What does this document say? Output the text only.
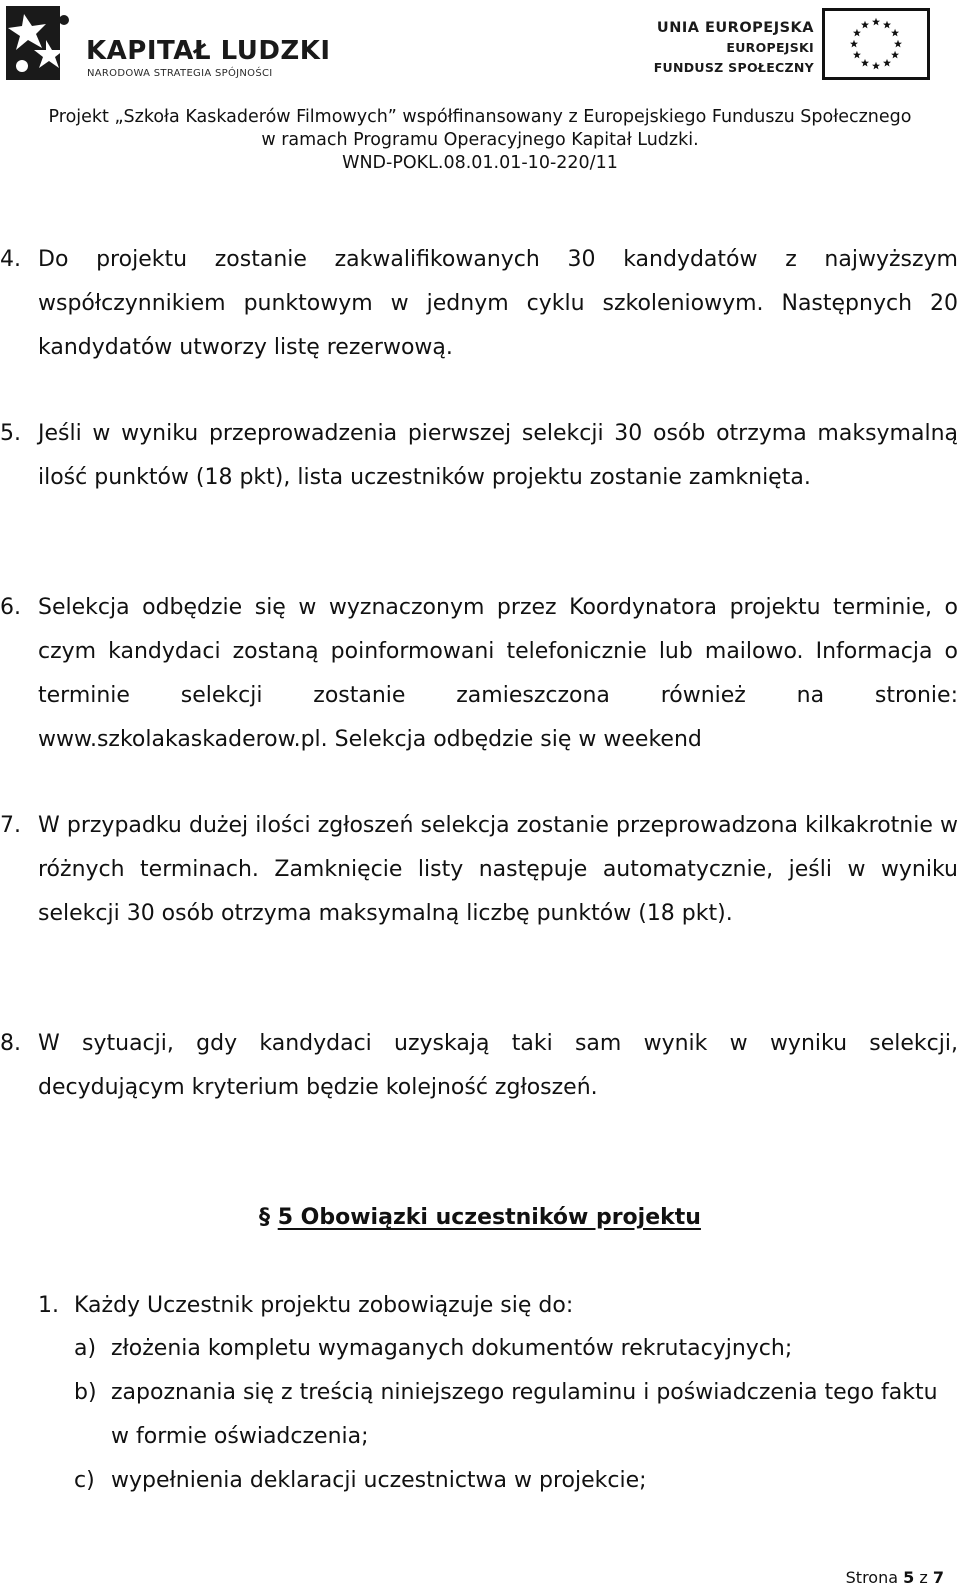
KAPITAŁ LUDZKI
NARODOWA STRATEGIA SPÓJNOŚCI
UNIA EUROPEJSKA
EUROPEJSKI
FUNDUSZ SPOŁECZNY
Projekt „Szkoła Kaskaderów Filmowych” współfinansowany z Europejskiego Funduszu Społecznego
w ramach Programu Operacyjnego Kapitał Ludzki.
WND-POKL.08.01.01-10-220/11
4. Do projektu zostanie zakwalifikowanych 30 kandydatów z najwyższym współczynnikiem punktowym w jednym cyklu szkoleniowym. Następnych 20 kandydatów utworzy listę rezerwową.
5. Jeśli w wyniku przeprowadzenia pierwszej selekcji 30 osób otrzyma maksymalną ilość punktów (18 pkt), lista uczestników projektu zostanie zamknięta.
6. Selekcja odbędzie się w wyznaczonym przez Koordynatora projektu terminie, o czym kandydaci zostaną poinformowani telefonicznie lub mailowo. Informacja o terminie selekcji zostanie zamieszczona również na stronie: www.szkolakaskaderow.pl. Selekcja odbędzie się w weekend
7. W przypadku dużej ilości zgłoszeń selekcja zostanie przeprowadzona kilkakrotnie w różnych terminach. Zamknięcie listy następuje automatycznie, jeśli w wyniku selekcji 30 osób otrzyma maksymalną liczbę punktów (18 pkt).
8. W sytuacji, gdy kandydaci uzyskają taki sam wynik w wyniku selekcji, decydującym kryterium będzie kolejność zgłoszeń.
§ 5 Obowiązki uczestników projektu
1. Każdy Uczestnik projektu zobowiązuje się do:
a) złożenia kompletu wymaganych dokumentów rekrutacyjnych;
b) zapoznania się z treścią niniejszego regulaminu i poświadczenia tego faktu w formie oświadczenia;
c) wypełnienia deklaracji uczestnictwa w projekcie;
Strona 5 z 7
